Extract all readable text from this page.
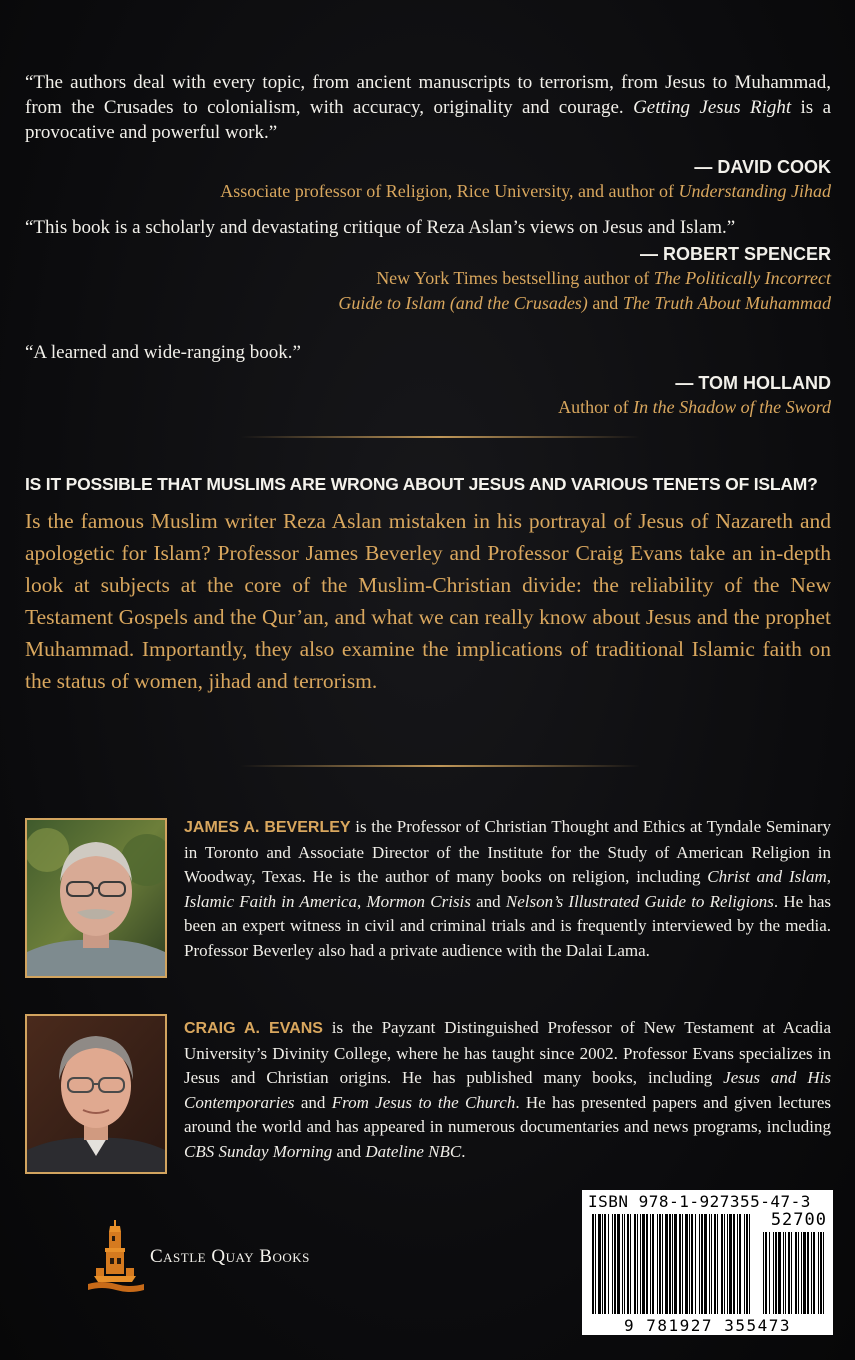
“The authors deal with every topic, from ancient manuscripts to terrorism, from Jesus to Muhammad, from the Crusades to colonialism, with accuracy, originality and courage. Getting Jesus Right is a provocative and powerful work.”

— DAVID COOK

Associate professor of Religion, Rice University, and author of Understanding Jihad

“This book is a scholarly and devastating critique of Reza Aslan’s views on Jesus and Islam.”

— ROBERT SPENCER

New York Times bestselling author of The Politically Incorrect
Guide to Islam (and the Crusades) and The Truth About Muhammad

“A learned and wide-ranging book.”

— TOM HOLLAND

Author of In the Shadow of the Sword

IS IT POSSIBLE THAT MUSLIMS ARE WRONG ABOUT JESUS AND VARIOUS TENETS OF ISLAM?

Is the famous Muslim writer Reza Aslan mistaken in his portrayal of Jesus of Nazareth and apologetic for Islam? Professor James Beverley and Professor Craig Evans take an in-depth look at subjects at the core of the Muslim-Christian divide: the reliability of the New Testament Gospels and the Qur’an, and what we can really know about Jesus and the prophet Muhammad. Importantly, they also examine the implications of traditional Islamic faith on the status of women, jihad and terrorism.

JAMES A. BEVERLEY is the Professor of Christian Thought and Ethics at Tyndale Seminary in Toronto and Associate Director of the Institute for the Study of American Religion in Woodway, Texas. He is the author of many books on religion, including Christ and Islam, Islamic Faith in America, Mormon Crisis and Nelson’s Illustrated Guide to Religions. He has been an expert witness in civil and criminal trials and is frequently interviewed by the media. Professor Beverley also had a private audience with the Dalai Lama.

CRAIG A. EVANS is the Payzant Distinguished Professor of New Testament at Acadia University’s Divinity College, where he has taught since 2002. Professor Evans specializes in Jesus and Christian origins. He has published many books, including Jesus and His Contemporaries and From Jesus to the Church. He has presented papers and given lectures around the world and has appeared in numerous documentaries and news programs, including CBS Sunday Morning and Dateline NBC.

Castle Quay Books
ISBN 978-1-927355-47-3
52700
9 781927 355473
